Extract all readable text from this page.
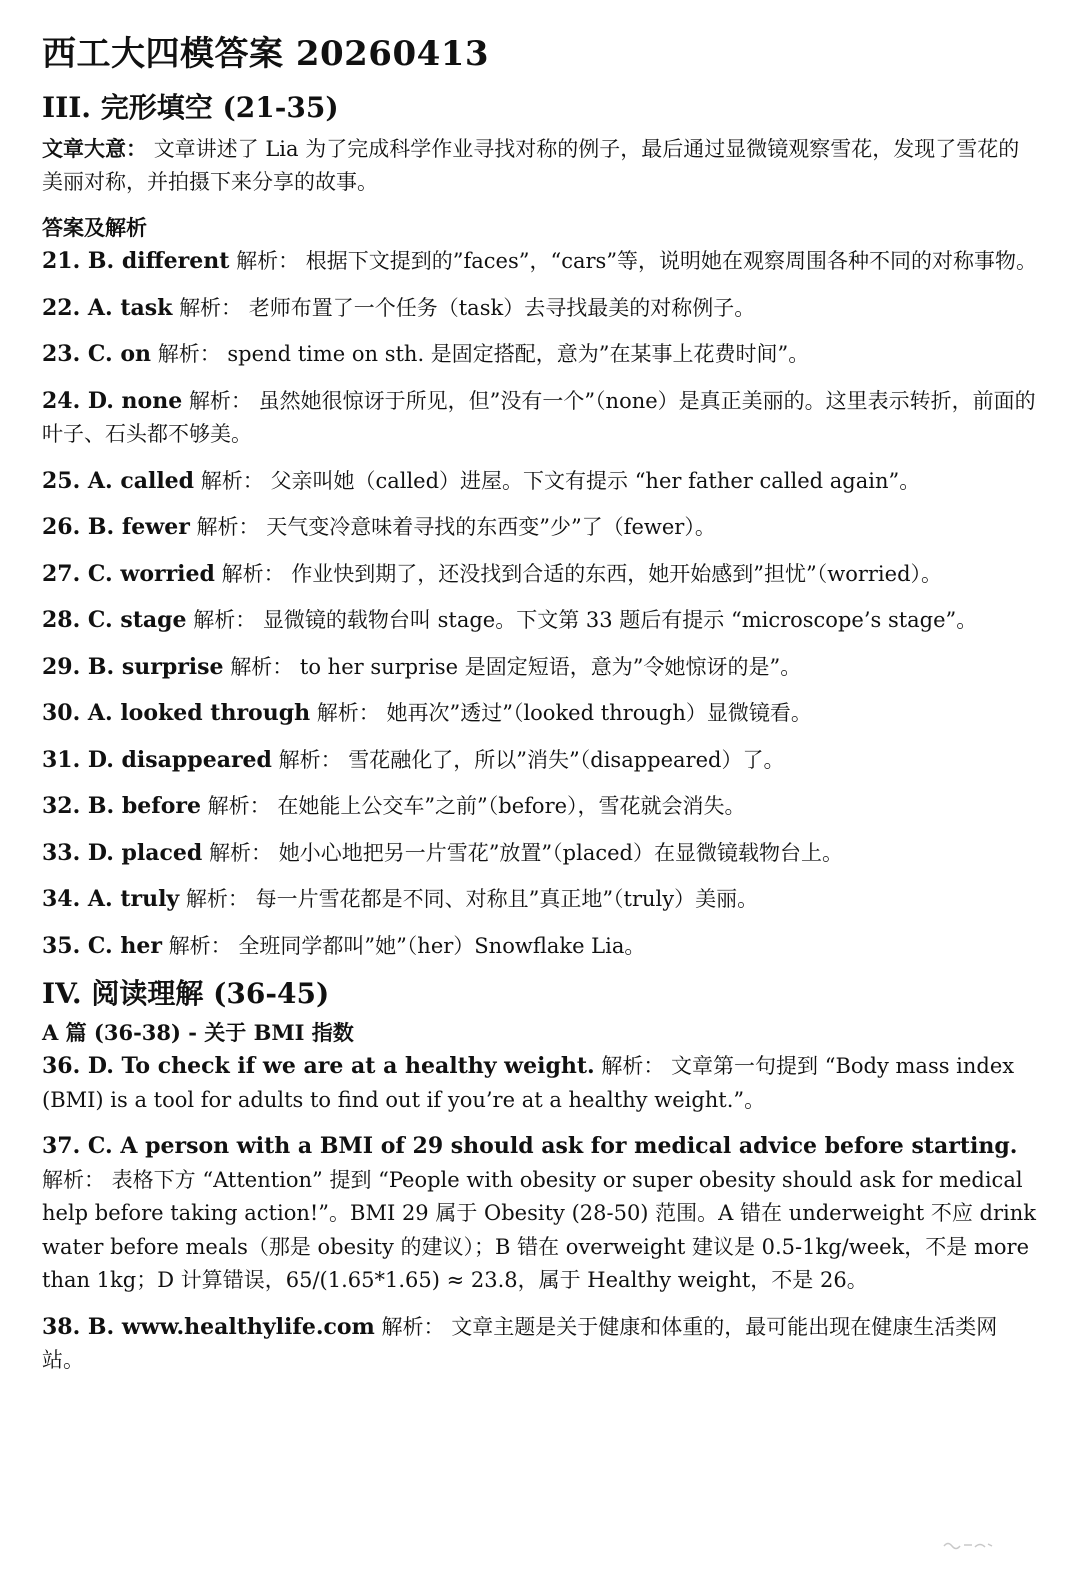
西工大四模答案 20260413
III. 完形填空 (21-35)

文章大意： 文章讲述了 Lia 为了完成科学作业寻找对称的例子，最后通过显微镜观察雪花，发现了雪花的美丽对称，并拍摄下来分享的故事。

答案及解析

21. B. different 解析： 根据下文提到的”faces”，“cars”等，说明她在观察周围各种不同的对称事物。

22. A. task 解析： 老师布置了一个任务（task）去寻找最美的对称例子。

23. C. on 解析： spend time on sth. 是固定搭配，意为”在某事上花费时间”。

24. D. none 解析： 虽然她很惊讶于所见，但”没有一个”（none）是真正美丽的。这里表示转折，前面的叶子、石头都不够美。

25. A. called 解析： 父亲叫她（called）进屋。下文有提示 “her father called again”。

26. B. fewer 解析： 天气变冷意味着寻找的东西变”少”了（fewer）。

27. C. worried 解析： 作业快到期了，还没找到合适的东西，她开始感到”担忧”（worried）。

28. C. stage 解析： 显微镜的载物台叫 stage。下文第 33 题后有提示 “microscope’s stage”。

29. B. surprise 解析： to her surprise 是固定短语，意为”令她惊讶的是”。

30. A. looked through 解析： 她再次”透过”（looked through）显微镜看。

31. D. disappeared 解析： 雪花融化了，所以”消失”（disappeared）了。

32. B. before 解析： 在她能上公交车”之前”（before），雪花就会消失。

33. D. placed 解析： 她小心地把另一片雪花”放置”（placed）在显微镜载物台上。

34. A. truly 解析： 每一片雪花都是不同、对称且”真正地”（truly）美丽。

35. C. her 解析： 全班同学都叫”她”（her）Snowflake Lia。

IV. 阅读理解 (36-45)
A 篇 (36-38) - 关于 BMI 指数

36. D. To check if we are at a healthy weight. 解析： 文章第一句提到 “Body mass index (BMI) is a tool for adults to find out if you’re at a healthy weight.”。

37. C. A person with a BMI of 29 should ask for medical advice before starting. 解析： 表格下方 “Attention” 提到 “People with obesity or super obesity should ask for medical help before taking action!”。BMI 29 属于 Obesity (28-50) 范围。A 错在 underweight 不应 drink water before meals（那是 obesity 的建议）；B 错在 overweight 建议是 0.5-1kg/week，不是 more than 1kg；D 计算错误，65/(1.65*1.65) ≈ 23.8，属于 Healthy weight，不是 26。

38. B. www.healthylife.com 解析： 文章主题是关于健康和体重的，最可能出现在健康生活类网站。
